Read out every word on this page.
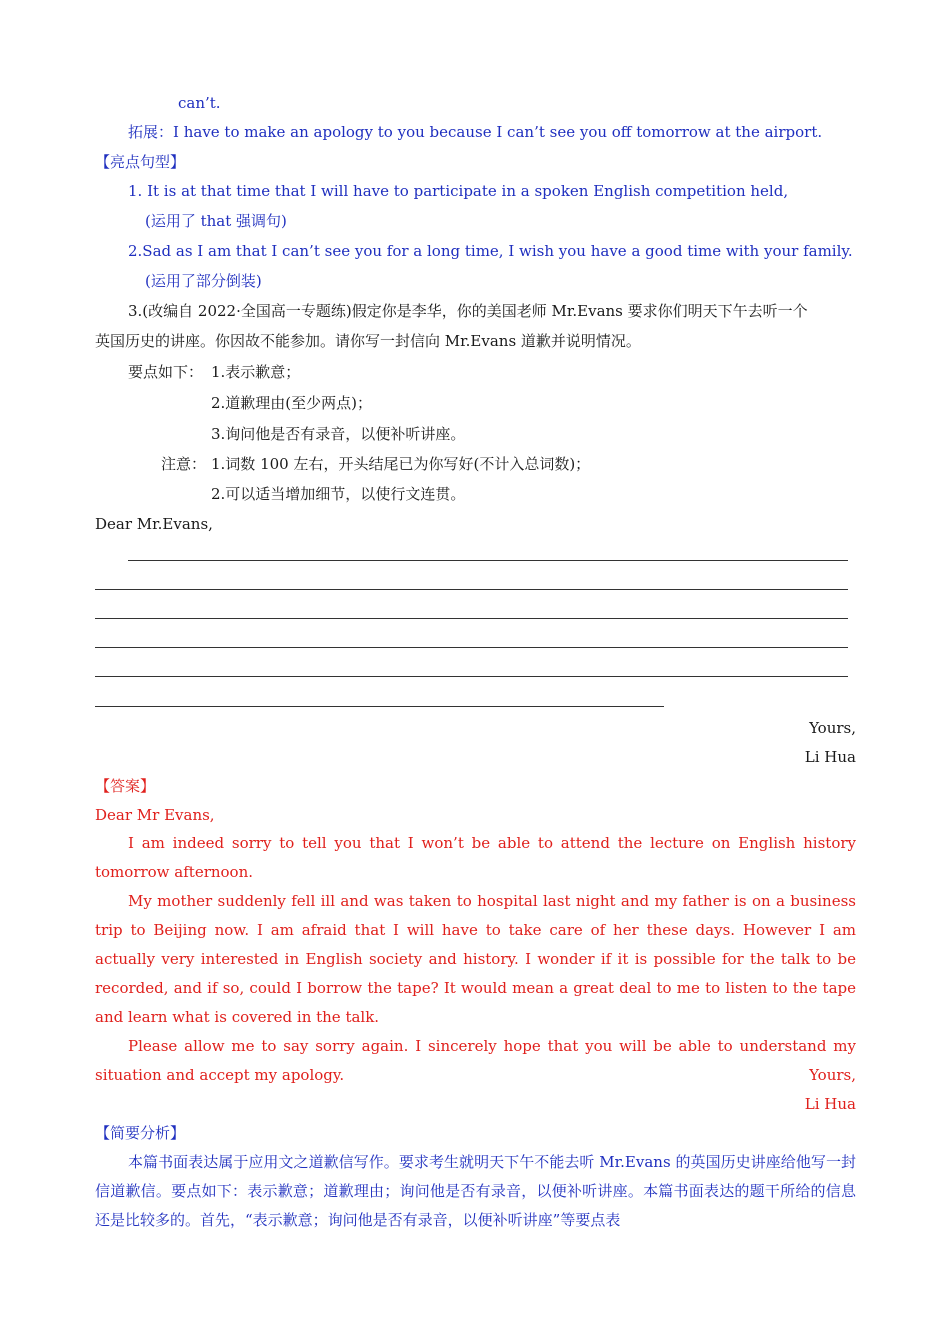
can’t.
拓展：I have to make an apology to you because I can’t see you off tomorrow at the airport.
【亮点句型】
1. It is at that time that I will have to participate in a spoken English competition held,
(运用了 that 强调句)
2.Sad as I am that I can’t see you for a long time, I wish you have a good time with your family.
(运用了部分倒装)
3.(改编自 2022·全国高一专题练)假定你是李华，你的美国老师 Mr.Evans 要求你们明天下午去听一个
英国历史的讲座。你因故不能参加。请你写一封信向 Mr.Evans 道歉并说明情况。
要点如下： 1.表示歉意；
2.道歉理由(至少两点)；
3.询问他是否有录音，以便补听讲座。
注意： 1.词数 100 左右，开头结尾已为你写好(不计入总词数)；
2.可以适当增加细节，以使行文连贯。
Dear Mr.Evans,
Yours,
Li Hua
【答案】
Dear Mr Evans,

I am indeed sorry to tell you that I won’t be able to attend the lecture on English history tomorrow afternoon.

My mother suddenly fell ill and was taken to hospital last night and my father is on a business trip to Beijing now. I am afraid that I will have to take care of her these days. However I am actually very interested in English society and history. I wonder if it is possible for the talk to be recorded, and if so, could I borrow the tape? It would mean a great deal to me to listen to the tape and learn what is covered in the talk.

Please allow me to say sorry again. I sincerely hope that you will be able to understand my situation and accept my apology.	Yours,
Li Hua
【简要分析】

本篇书面表达属于应用文之道歉信写作。要求考生就明天下午不能去听 Mr.Evans 的英国历史讲座给他写一封信道歉信。要点如下：表示歉意；道歉理由；询问他是否有录音，以便补听讲座。本篇书面表达的题干所给的信息还是比较多的。首先，“表示歉意；询问他是否有录音，以便补听讲座”等要点表
